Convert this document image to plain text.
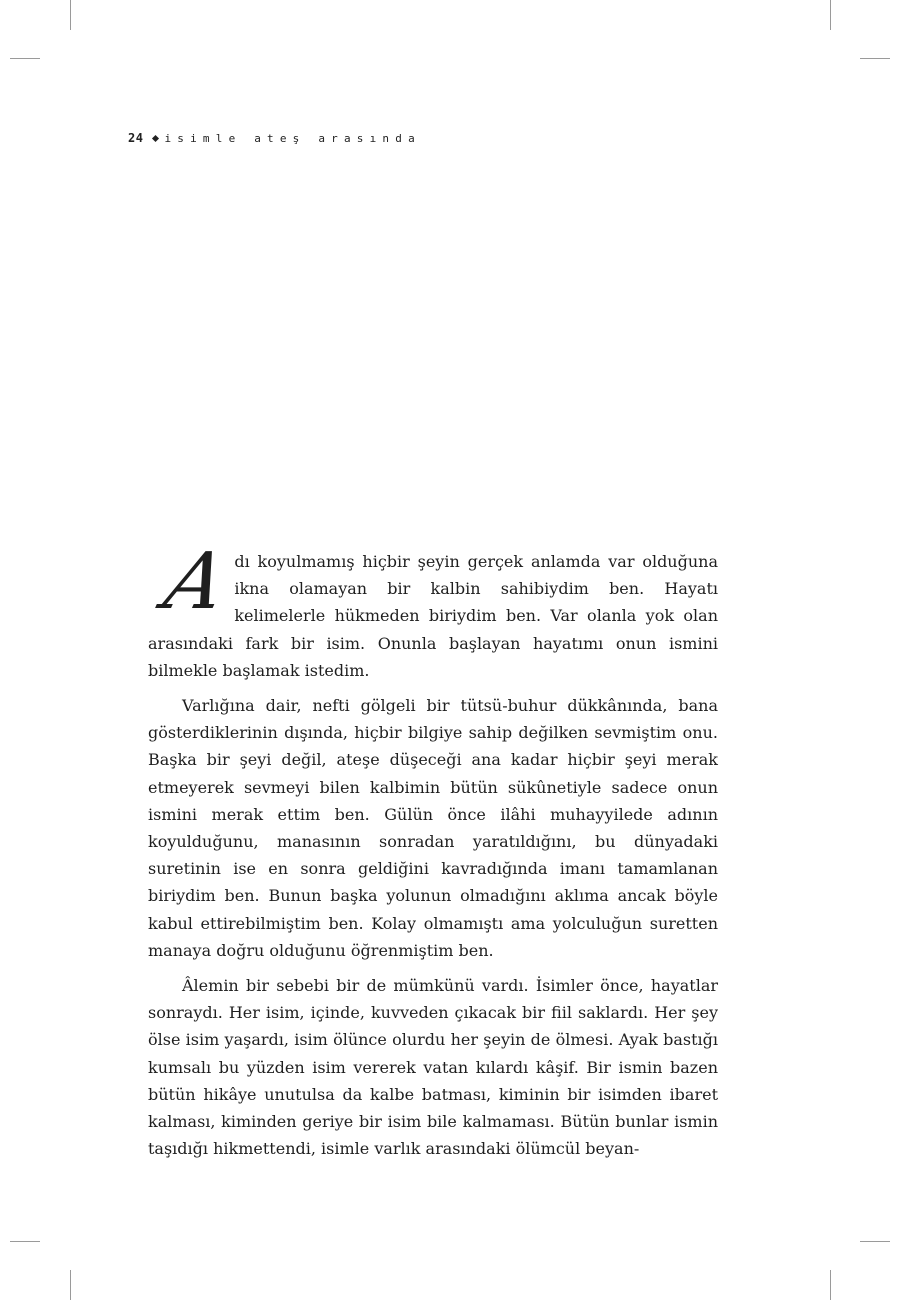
24 isimle ateş arasında

Adı koyulmamış hiçbir şeyin gerçek anlamda var olduğuna ikna olamayan bir kalbin sahibiydim ben. Hayatı kelimelerle hükmeden biriydim ben. Var olanla yok olan arasındaki fark bir isim. Onunla başlayan hayatımı onun ismini bilmekle başlamak istedim.

Varlığına dair, nefti gölgeli bir tütsü-buhur dükkânında, bana gösterdiklerinin dışında, hiçbir bilgiye sahip değilken sevmiştim onu. Başka bir şeyi değil, ateşe düşeceği ana kadar hiçbir şeyi merak etmeyerek sevmeyi bilen kalbimin bütün sükûnetiyle sadece onun ismini merak ettim ben. Gülün önce ilâhi muhayyilede adının koyulduğunu, manasının sonradan yaratıldığını, bu dünyadaki suretinin ise en sonra geldiğini kavradığında imanı tamamlanan biriydim ben. Bunun başka yolunun olmadığını aklıma ancak böyle kabul ettirebilmiştim ben. Kolay olmamıştı ama yolculuğun suretten manaya doğru olduğunu öğrenmiştim ben.

Âlemin bir sebebi bir de mümkünü vardı. İsimler önce, hayatlar sonraydı. Her isim, içinde, kuvveden çıkacak bir fiil saklardı. Her şey ölse isim yaşardı, isim ölünce olurdu her şeyin de ölmesi. Ayak bastığı kumsalı bu yüzden isim vererek vatan kılardı kâşif. Bir ismin bazen bütün hikâye unutulsa da kalbe batması, kiminin bir isimden ibaret kalması, kiminden geriye bir isim bile kalmaması. Bütün bunlar ismin taşıdığı hikmettendi, isimle varlık arasındaki ölümcül beyan-
